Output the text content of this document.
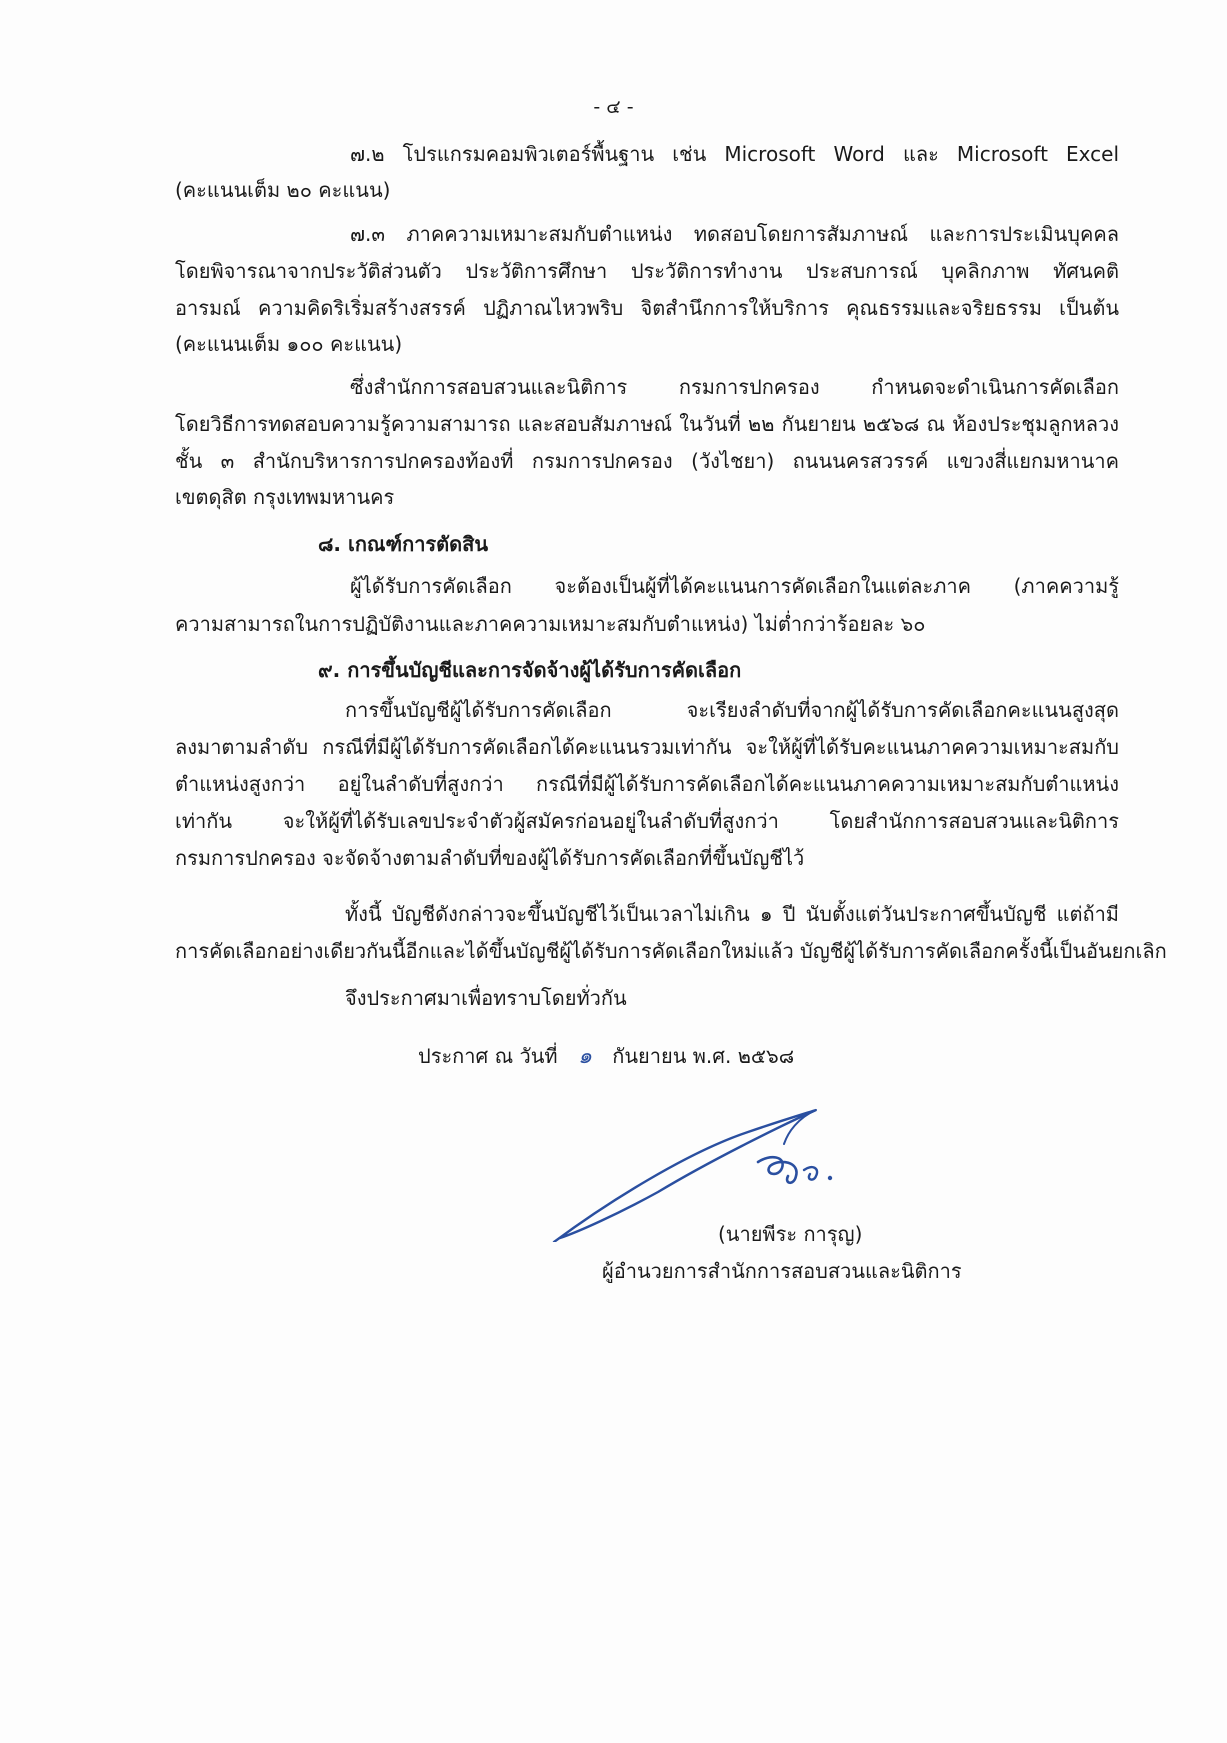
- ๔ -
๗.๒ โปรแกรมคอมพิวเตอร์พื้นฐาน เช่น Microsoft Word และ Microsoft Excel
(คะแนนเต็ม ๒๐ คะแนน)
๗.๓ ภาคความเหมาะสมกับตำแหน่ง ทดสอบโดยการสัมภาษณ์ และการประเมินบุคคล
โดยพิจารณาจากประวัติส่วนตัว ประวัติการศึกษา ประวัติการทำงาน ประสบการณ์ บุคลิกภาพ ทัศนคติ
อารมณ์ ความคิดริเริ่มสร้างสรรค์ ปฏิภาณไหวพริบ จิตสำนึกการให้บริการ คุณธรรมและจริยธรรม เป็นต้น
(คะแนนเต็ม ๑๐๐ คะแนน)
ซึ่งสำนักการสอบสวนและนิติการ กรมการปกครอง กำหนดจะดำเนินการคัดเลือก
โดยวิธีการทดสอบความรู้ความสามารถ และสอบสัมภาษณ์ ในวันที่ ๒๒ กันยายน ๒๕๖๘ ณ ห้องประชุมลูกหลวง
ชั้น ๓ สำนักบริหารการปกครองท้องที่ กรมการปกครอง (วังไชยา) ถนนนครสวรรค์ แขวงสี่แยกมหานาค
เขตดุสิต กรุงเทพมหานคร
๘. เกณฑ์การตัดสิน
ผู้ได้รับการคัดเลือก จะต้องเป็นผู้ที่ได้คะแนนการคัดเลือกในแต่ละภาค (ภาคความรู้
ความสามารถในการปฏิบัติงานและภาคความเหมาะสมกับตำแหน่ง) ไม่ต่ำกว่าร้อยละ ๖๐
๙. การขึ้นบัญชีและการจัดจ้างผู้ได้รับการคัดเลือก
การขึ้นบัญชีผู้ได้รับการคัดเลือก จะเรียงลำดับที่จากผู้ได้รับการคัดเลือกคะแนนสูงสุด
ลงมาตามลำดับ กรณีที่มีผู้ได้รับการคัดเลือกได้คะแนนรวมเท่ากัน จะให้ผู้ที่ได้รับคะแนนภาคความเหมาะสมกับ
ตำแหน่งสูงกว่า อยู่ในลำดับที่สูงกว่า กรณีที่มีผู้ได้รับการคัดเลือกได้คะแนนภาคความเหมาะสมกับตำแหน่ง
เท่ากัน จะให้ผู้ที่ได้รับเลขประจำตัวผู้สมัครก่อนอยู่ในลำดับที่สูงกว่า โดยสำนักการสอบสวนและนิติการ
กรมการปกครอง จะจัดจ้างตามลำดับที่ของผู้ได้รับการคัดเลือกที่ขึ้นบัญชีไว้
ทั้งนี้ บัญชีดังกล่าวจะขึ้นบัญชีไว้เป็นเวลาไม่เกิน ๑ ปี นับตั้งแต่วันประกาศขึ้นบัญชี แต่ถ้ามี
การคัดเลือกอย่างเดียวกันนี้อีกและได้ขึ้นบัญชีผู้ได้รับการคัดเลือกใหม่แล้ว บัญชีผู้ได้รับการคัดเลือกครั้งนี้เป็นอันยกเลิก
จึงประกาศมาเพื่อทราบโดยทั่วกัน
ประกาศ ณ วันที่ ๑ กันยายน พ.ศ. ๒๕๖๘
(นายพีระ การุญ)
ผู้อำนวยการสำนักการสอบสวนและนิติการ
